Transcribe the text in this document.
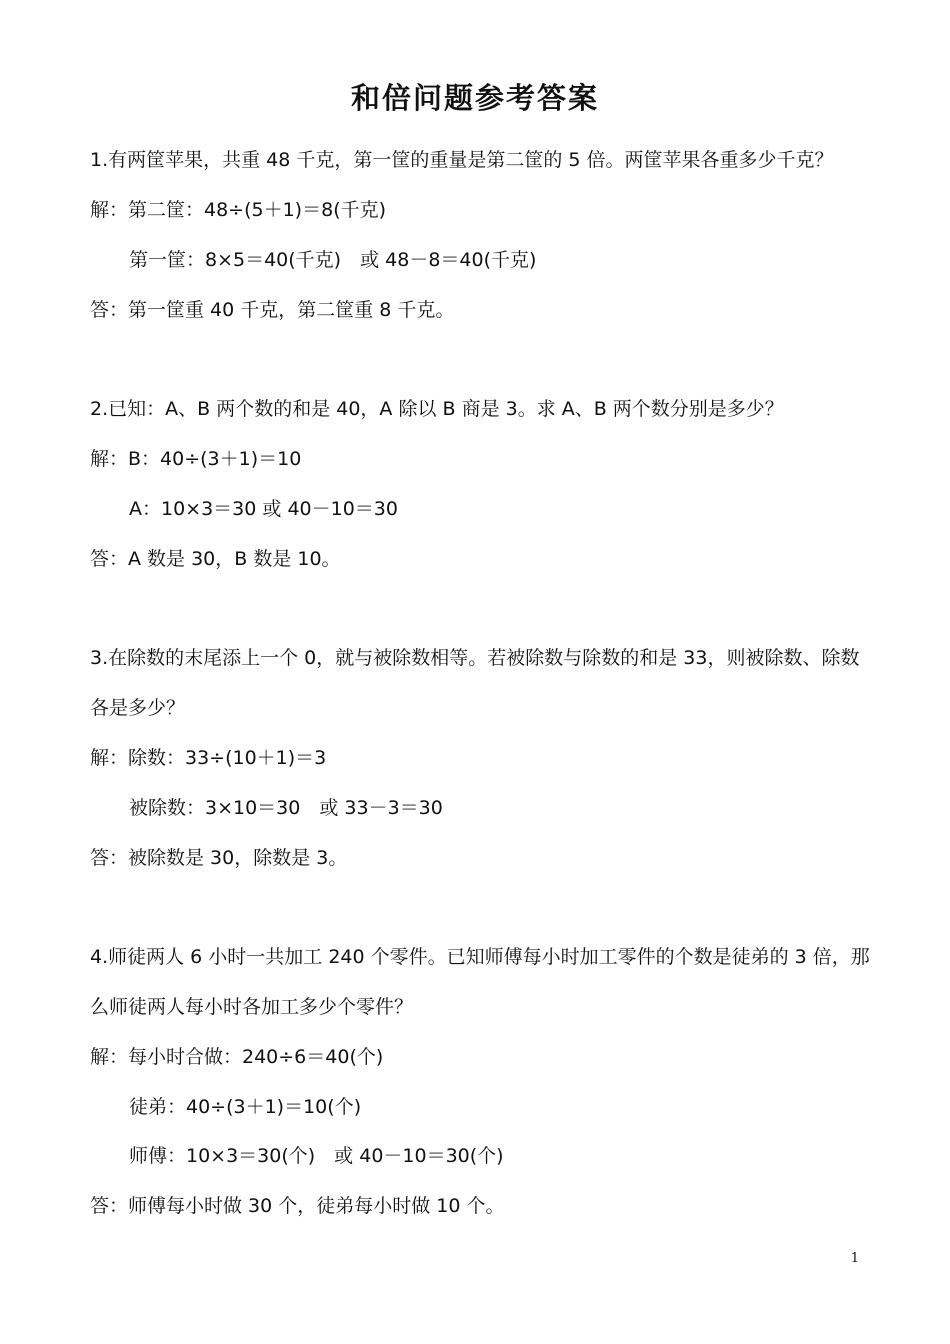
和倍问题参考答案
1.有两筐苹果，共重 48 千克，第一筐的重量是第二筐的 5 倍。两筐苹果各重多少千克？
解：第二筐：48÷(5＋1)＝8(千克)
第一筐：8×5＝40(千克)　或 48－8＝40(千克)
答：第一筐重 40 千克，第二筐重 8 千克。
2.已知：A、B 两个数的和是 40，A 除以 B 商是 3。求 A、B 两个数分别是多少？
解：B：40÷(3＋1)＝10
A：10×3＝30 或 40－10＝30
答：A 数是 30，B 数是 10。
3.在除数的末尾添上一个 0，就与被除数相等。若被除数与除数的和是 33，则被除数、除数
各是多少？
解：除数：33÷(10＋1)＝3
被除数：3×10＝30　或 33－3＝30
答：被除数是 30，除数是 3。
4.师徒两人 6 小时一共加工 240 个零件。已知师傅每小时加工零件的个数是徒弟的 3 倍，那
么师徒两人每小时各加工多少个零件？
解：每小时合做：240÷6＝40(个)
徒弟：40÷(3＋1)＝10(个)
师傅：10×3＝30(个)　或 40－10＝30(个)
答：师傅每小时做 30 个，徒弟每小时做 10 个。
1
